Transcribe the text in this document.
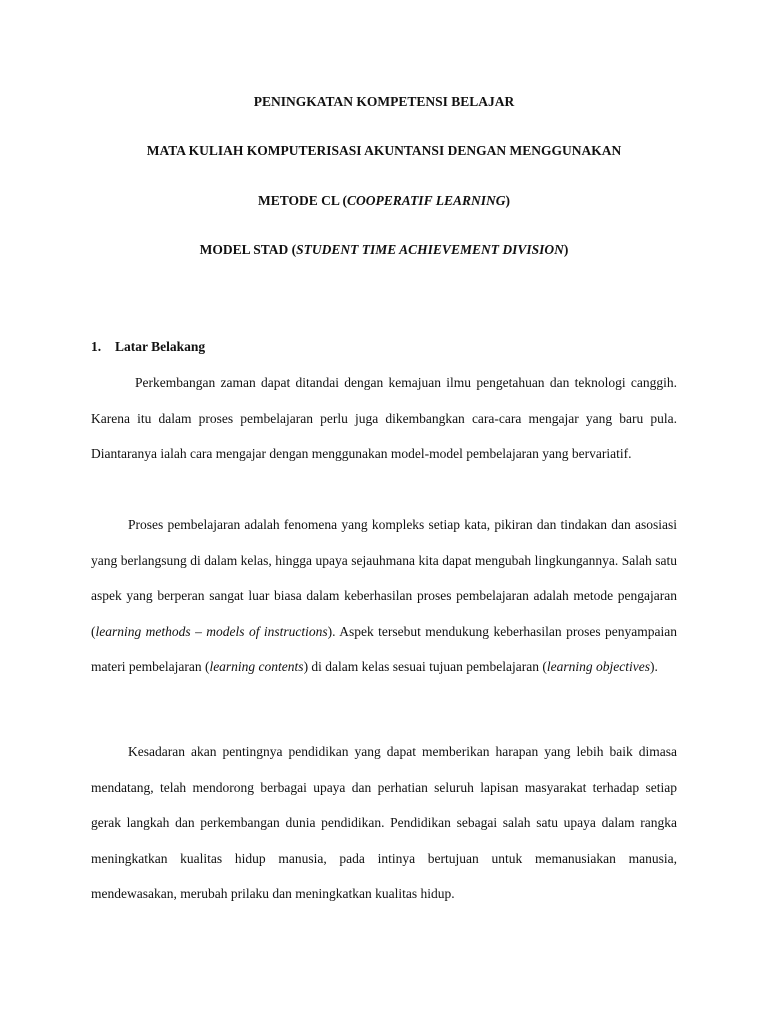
PENINGKATAN KOMPETENSI BELAJAR
MATA KULIAH KOMPUTERISASI AKUNTANSI DENGAN MENGGUNAKAN
METODE CL (COOPERATIF LEARNING)
MODEL STAD (STUDENT TIME ACHIEVEMENT DIVISION)
1. Latar Belakang

Perkembangan zaman dapat ditandai dengan kemajuan ilmu pengetahuan dan teknologi canggih. Karena itu dalam proses pembelajaran perlu juga dikembangkan cara-cara mengajar yang baru pula. Diantaranya ialah cara mengajar dengan menggunakan model-model pembelajaran yang bervariatif.

Proses pembelajaran adalah fenomena yang kompleks setiap kata, pikiran dan tindakan dan asosiasi yang berlangsung di dalam kelas, hingga upaya sejauhmana kita dapat mengubah lingkungannya. Salah satu aspek yang berperan sangat luar biasa dalam keberhasilan proses pembelajaran adalah metode pengajaran (learning methods – models of instructions). Aspek tersebut mendukung keberhasilan proses penyampaian materi pembelajaran (learning contents) di dalam kelas sesuai tujuan pembelajaran (learning objectives).

Kesadaran akan pentingnya pendidikan yang dapat memberikan harapan yang lebih baik dimasa mendatang, telah mendorong berbagai upaya dan perhatian seluruh lapisan masyarakat terhadap setiap gerak langkah dan perkembangan dunia pendidikan. Pendidikan sebagai salah satu upaya dalam rangka meningkatkan kualitas hidup manusia, pada intinya bertujuan untuk memanusiakan manusia, mendewasakan, merubah prilaku dan meningkatkan kualitas hidup.
